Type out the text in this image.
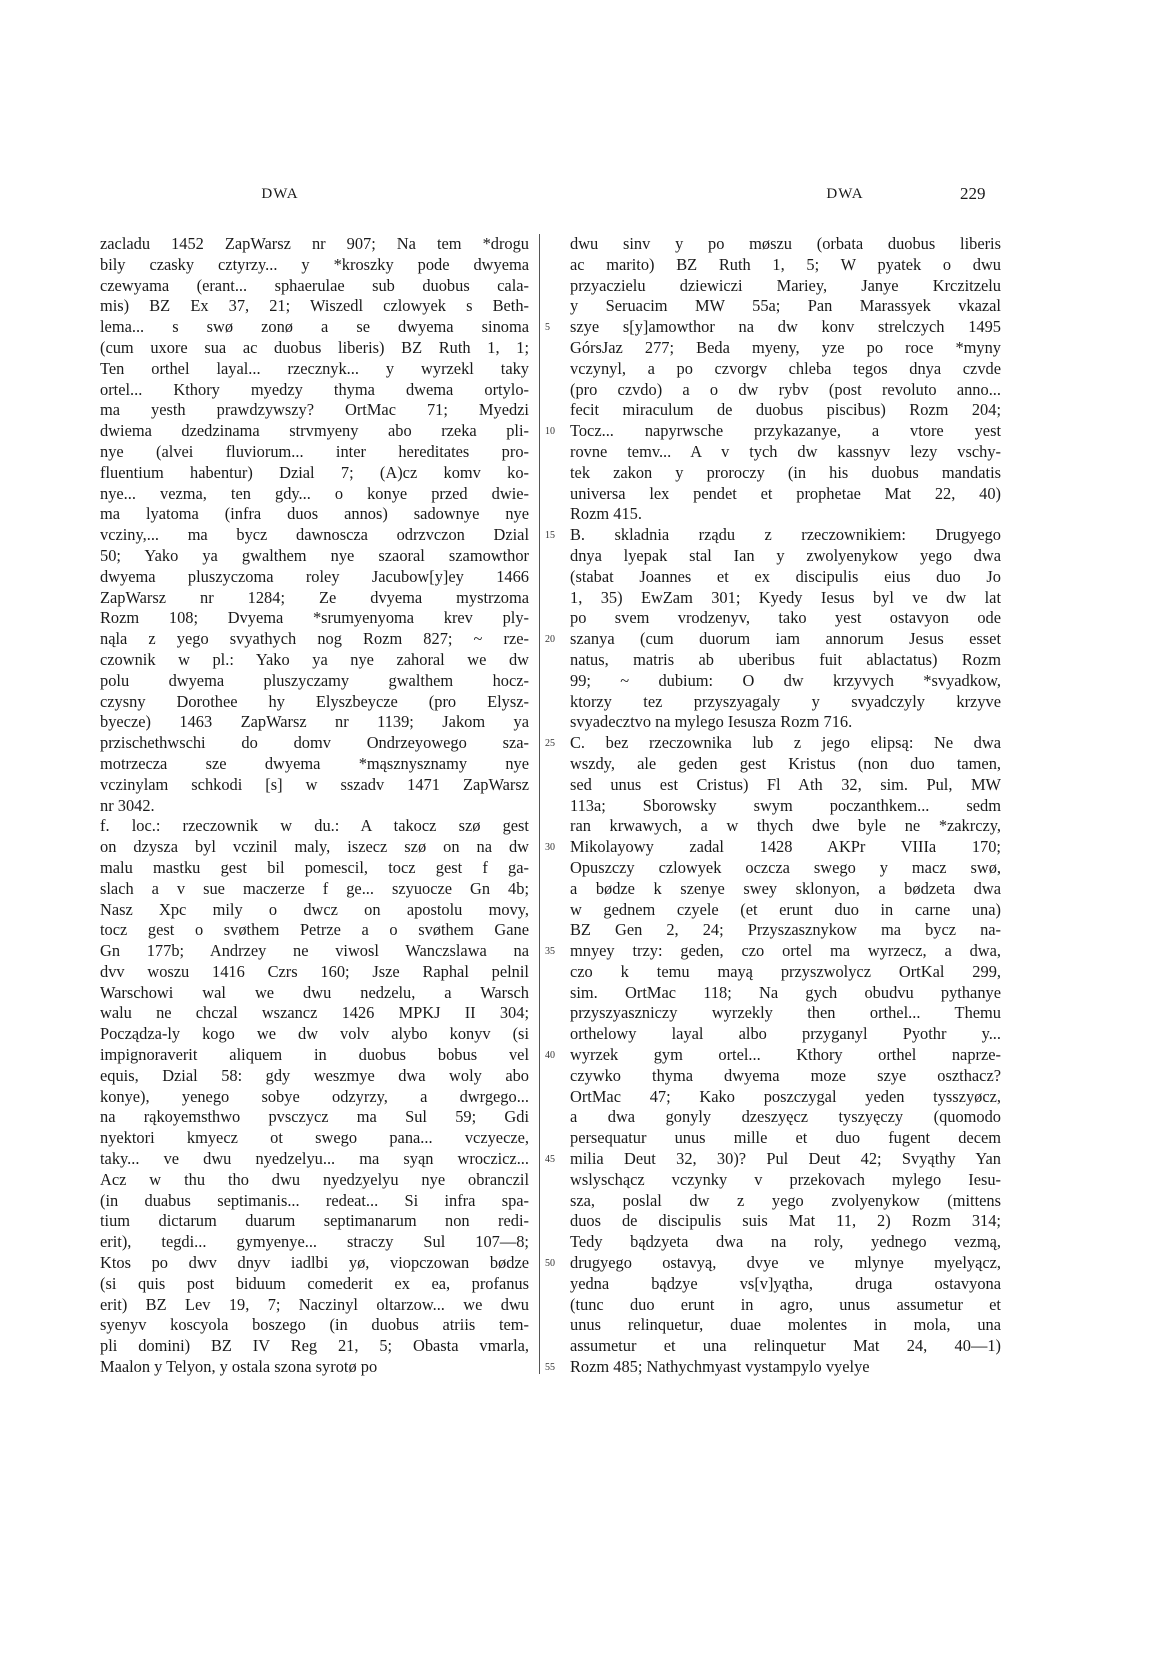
DWA	DWA	229
zacladu 1452 ZapWarsz nr 907; Na tem *drogu
bily czasky cztyrzy... y *kroszky pode dwyema
czewyama (erant... sphaerulae sub duobus cala-
mis) BZ Ex 37, 21; Wiszedl czlowyek s Beth-
lema... s swø zonø a se dwyema sinoma
(cum uxore sua ac duobus liberis) BZ Ruth 1, 1;
Ten orthel layal... rzecznyk... y wyrzekl taky
ortel... Kthory myedzy thyma dwema ortylo-
ma yesth prawdzywszy? OrtMac 71; Myedzi
dwiema dzedzinama strvmyeny abo rzeka pli-
nye (alvei fluviorum... inter hereditates pro-
fluentium habentur) Dzial 7; (A)cz komv ko-
nye... vezma, ten gdy... o konye przed dwie-
ma lyatoma (infra duos annos) sadownye nye
vcziny,... ma bycz dawnoscza odrzvczon Dzial
50; Yako ya gwalthem nye szaoral szamowthor
dwyema pluszyczoma roley Jacubow[y]ey 1466
ZapWarsz nr 1284; Ze dvyema mystrzoma
Rozm 108; Dvyema *srumyenyoma krev ply-
nąla z yego svyathych nog Rozm 827; ~ rze-
czownik w pl.: Yako ya nye zahoral we dw
polu dwyema pluszyczamy gwalthem hocz-
czysny Dorothee hy Elyszbeycze (pro Elysz-
byecze) 1463 ZapWarsz nr 1139; Jakom ya
przischethwschi do domv Ondrzeyowego sza-
motrzecza sze dwyema *mąsznysznamy nye
vczinylam schkodi [s] w sszadv 1471 ZapWarsz
nr 3042.
f. loc.: rzeczownik w du.: A takocz szø gest
on dzysza byl vczinil maly, iszecz szø on na dw
malu mastku gest bil pomescil, tocz gest f ga-
slach a v sue maczerze f ge... szyuocze Gn 4b;
Nasz Xpc mily o dwcz on apostolu movy,
tocz gest o svøthem Petrze a o svøthem Gane
Gn 177b; Andrzey ne viwosl Wanczslawa na
dvv woszu 1416 Czrs 160; Jsze Raphal pelnil
Warschowi wal we dwu nedzelu, a Warsch
walu ne chczal wszancz 1426 MPKJ II 304;
Począdza-ly kogo we dw volv alybo konyv (si
impignoraverit aliquem in duobus bobus vel
equis, Dzial 58: gdy weszmye dwa woly abo
konye), yenego sobye odzyrzy, a dwrgego...
na rąkoyemsthwo pvsczycz ma Sul 59; Gdi
nyektori kmyecz ot swego pana... vczyecze,
taky... ve dwu nyedzelyu... ma syąn wroczicz...
Acz w thu tho dwu nyedzyelyu nye obranczil
(in duabus septimanis... redeat... Si infra spa-
tium dictarum duarum septimanarum non redi-
erit), tegdi... gymyenye... straczy Sul 107—8;
Ktos po dwv dnyv iadlbi yø, viopczowan bødze
(si quis post biduum comederit ex ea, profanus
erit) BZ Lev 19, 7; Naczinyl oltarzow... we dwu
syenyv koscyola boszego (in duobus atriis tem-
pli domini) BZ IV Reg 21, 5; Obasta vmarla,
Maalon y Telyon, y ostala szona syrotø po
5
10
15
20
25
30
35
40
45
50
55
dwu sinv y po møszu (orbata duobus liberis
ac marito) BZ Ruth 1, 5; W pyatek o dwu
przyaczielu dziewiczi Mariey, Janye Krczitzelu
y Seruacim MW 55a; Pan Marassyek vkazal
szye s[y]amowthor na dw konv strelczych 1495
GórsJaz 277; Beda myeny, yze po roce *myny
vczynyl, a po czvorgv chleba tegos dnya czvde
(pro czvdo) a o dw rybv (post revoluto anno...
fecit miraculum de duobus piscibus) Rozm 204;
Tocz... napyrwsche przykazanye, a vtore yest
rovne temv... A v tych dw kassnyv lezy vschy-
tek zakon y proroczy (in his duobus mandatis
universa lex pendet et prophetae Mat 22, 40)
Rozm 415.
B. skladnia rządu z rzeczownikiem: Drugyego
dnya lyepak stal Ian y zwolyenykow yego dwa
(stabat Joannes et ex discipulis eius duo Jo
1, 35) EwZam 301; Kyedy Iesus byl ve dw lat
po svem vrodzenyv, tako yest ostavyon ode
szanya (cum duorum iam annorum Jesus esset
natus, matris ab uberibus fuit ablactatus) Rozm
99; ~ dubium: O dw krzyvych *svyadkow,
ktorzy tez przyszyagaly y svyadczyly krzyve
svyadecztvo na mylego Iesusza Rozm 716.
C. bez rzeczownika lub z jego elipsą: Ne dwa
wszdy, ale geden gest Kristus (non duo tamen,
sed unus est Cristus) Fl Ath 32, sim. Pul, MW
113a; Sborowsky swym poczanthkem... sedm
ran krwawych, a w thych dwe byle ne *zakrczy,
Mikolayowy zadal 1428 AKPr VIIIa 170;
Opuszczy czlowyek oczcza swego y macz swø,
a bødze k szenye swey sklonyon, a bødzeta dwa
w gednem czyele (et erunt duo in carne una)
BZ Gen 2, 24; Przyszasznykow ma bycz na-
mnyey trzy: geden, czo ortel ma wyrzecz, a dwa,
czo k temu mayą przyszwolycz OrtKal 299,
sim. OrtMac 118; Na gych obudvu pythanye
przyszyaszniczy wyrzekly then orthel... Themu
orthelowy layal albo przyganyl Pyothr y...
wyrzek gym ortel... Kthory orthel naprze-
czywko thyma dwyema moze szye oszthacz?
OrtMac 47; Kako poszczygal yeden tysszyøcz,
a dwa gonyly dzeszyęcz tyszyęczy (quomodo
persequatur unus mille et duo fugent decem
milia Deut 32, 30)? Pul Deut 42; Svyąthy Yan
wslyschącz vczynky v przekovach mylego Iesu-
sza, poslal dw z yego zvolyenykow (mittens
duos de discipulis suis Mat 11, 2) Rozm 314;
Tedy bądzyeta dwa na roly, yednego vezmą,
drugyego ostavyą, dvye ve mlynye myelyącz,
yedna bądzye vs[v]yątha, druga ostavyona
(tunc duo erunt in agro, unus assumetur et
unus relinquetur, duae molentes in mola, una
assumetur et una relinquetur Mat 24, 40—1)
Rozm 485; Nathychmyast vystampylo vyelye
